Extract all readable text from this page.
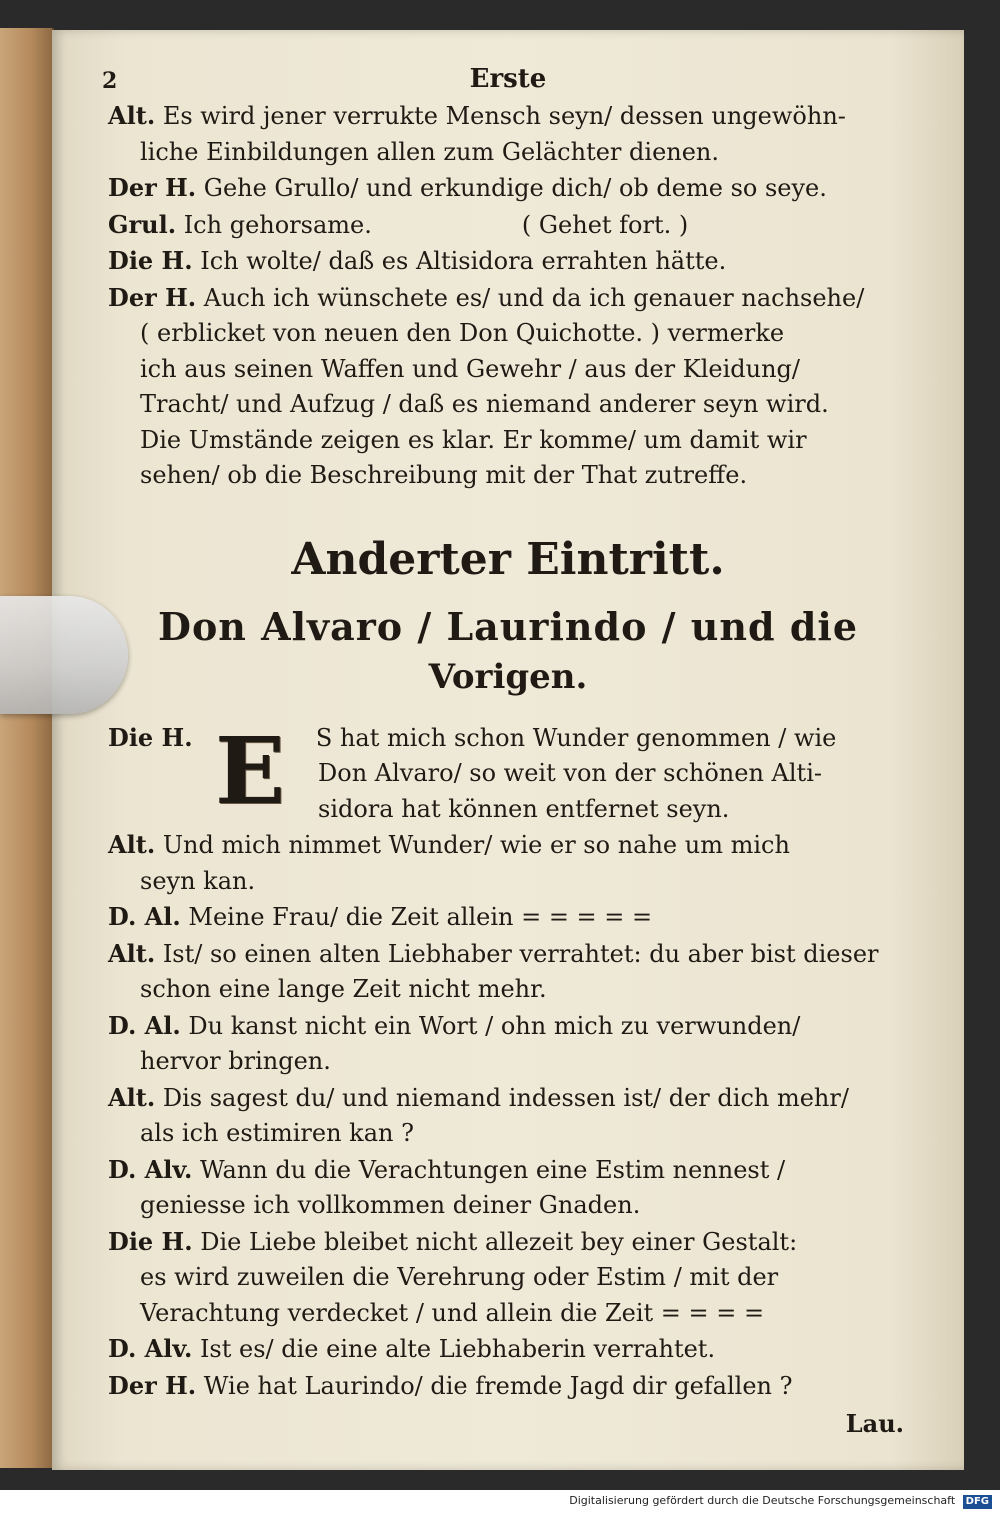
2	Erste
Alt. Es wird jener verrukte Mensch seyn/ dessen ungewöhn-
liche Einbildungen allen zum Gelächter dienen.
Der H. Gehe Grullo/ und erkundige dich/ ob deme so seye.
Grul. Ich gehorsame.	( Gehet fort. )
Die H. Ich wolte/ daß es Altisidora errahten hätte.
Der H. Auch ich wünschete es/ und da ich genauer nachsehe/
( erblicket von neuen den Don Quichotte. ) vermerke
ich aus seinen Waffen und Gewehr / aus der Kleidung/
Tracht/ und Aufzug / daß es niemand anderer seyn wird.
Die Umstände zeigen es klar. Er komme/ um damit wir
sehen/ ob die Beschreibung mit der That zutreffe.
Anderter Eintritt.
Don Alvaro / Laurindo / und die
Vorigen.
E
Die H.	S hat mich schon Wunder genommen / wie
Don Alvaro/ so weit von der schönen Alti-
sidora hat können entfernet seyn.
Alt. Und mich nimmet Wunder/ wie er so nahe um mich
seyn kan.
D. Al. Meine Frau/ die Zeit allein = = = = =
Alt. Ist/ so einen alten Liebhaber verrahtet: du aber bist dieser
schon eine lange Zeit nicht mehr.
D. Al. Du kanst nicht ein Wort / ohn mich zu verwunden/
hervor bringen.
Alt. Dis sagest du/ und niemand indessen ist/ der dich mehr/
als ich estimiren kan ?
D. Alv. Wann du die Verachtungen eine Estim nennest /
geniesse ich vollkommen deiner Gnaden.
Die H. Die Liebe bleibet nicht allezeit bey einer Gestalt:
es wird zuweilen die Verehrung oder Estim / mit der
Verachtung verdecket / und allein die Zeit = = = =
D. Alv. Ist es/ die eine alte Liebhaberin verrahtet.
Der H. Wie hat Laurindo/ die fremde Jagd dir gefallen ?
Lau.
Digitalisierung gefördert durch die Deutsche Forschungsgemeinschaft DFG
